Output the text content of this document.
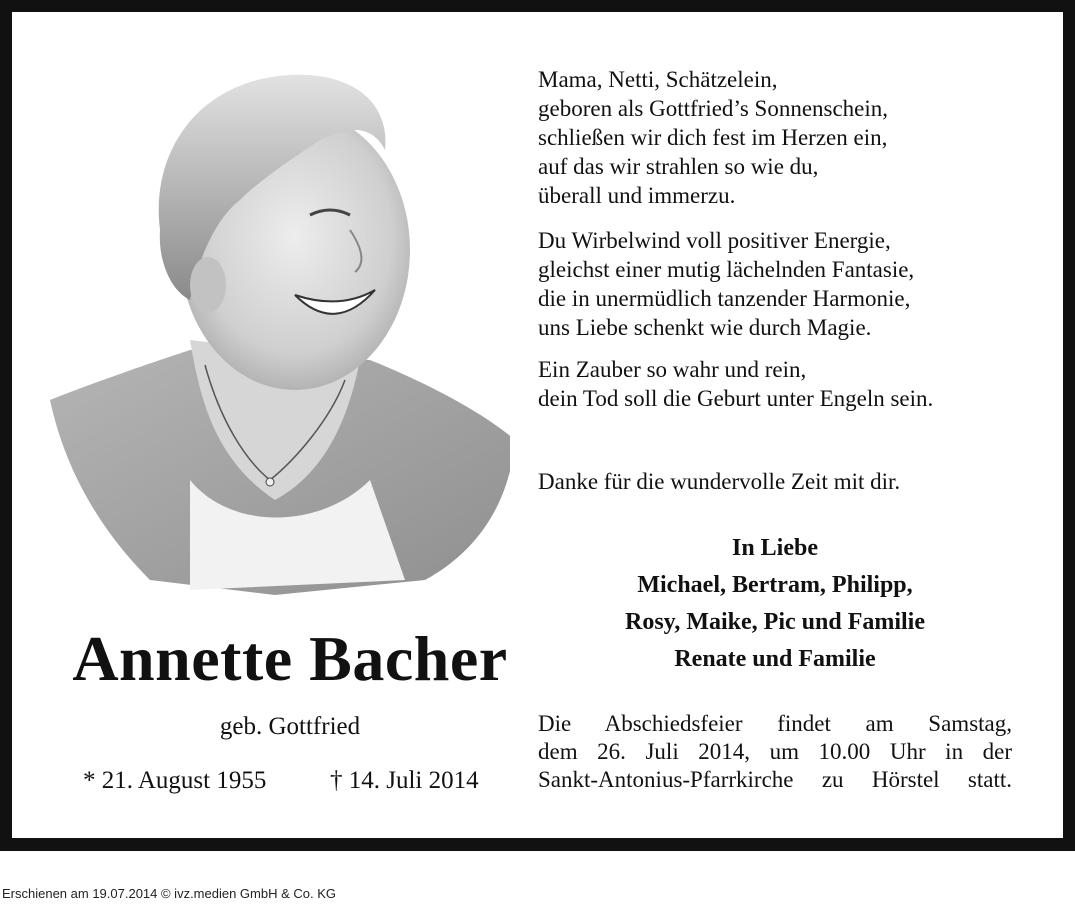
Annette Bacher
geb. Gottfried
* 21. August 1955	† 14. Juli 2014
Mama, Netti, Schätzelein,
geboren als Gottfried’s Sonnenschein,
schließen wir dich fest im Herzen ein,
auf das wir strahlen so wie du,
überall und immerzu.
Du Wirbelwind voll positiver Energie,
gleichst einer mutig lächelnden Fantasie,
die in unermüdlich tanzender Harmonie,
uns Liebe schenkt wie durch Magie.
Ein Zauber so wahr und rein,
dein Tod soll die Geburt unter Engeln sein.
Danke für die wundervolle Zeit mit dir.
In Liebe
Michael, Bertram, Philipp,
Rosy, Maike, Pic und Familie
Renate und Familie
Die Abschiedsfeier findet am Samstag,
dem 26. Juli 2014, um 10.00 Uhr in der
Sankt-Antonius-Pfarrkirche zu Hörstel statt.
Erschienen am 19.07.2014 © ivz.medien GmbH & Co. KG
